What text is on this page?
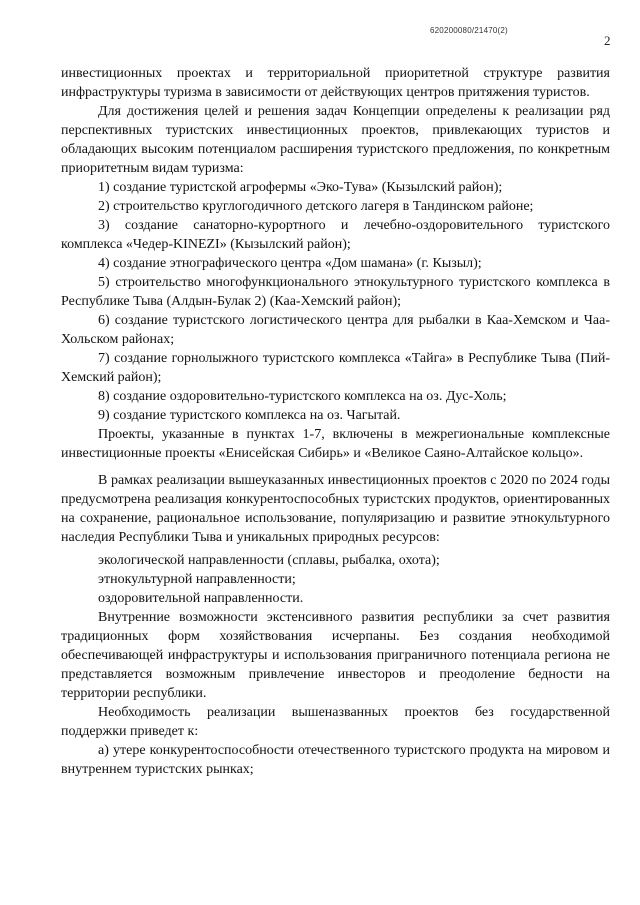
620200080/21470(2)
2

инвестиционных проектах и территориальной приоритетной структуре развития инфраструктуры туризма в зависимости от действующих центров притяжения туристов.

Для достижения целей и решения задач Концепции определены к реализации ряд перспективных туристских инвестиционных проектов, привлекающих туристов и обладающих высоким потенциалом расширения туристского предложения, по конкретным приоритетным видам туризма:

1) создание туристской агрофермы «Эко-Тува» (Кызылский район);

2) строительство круглогодичного детского лагеря в Тандинском районе;

3) создание санаторно-курортного и лечебно-оздоровительного туристского комплекса «Чедер-KINEZI» (Кызылский район);

4) создание этнографического центра «Дом шамана» (г. Кызыл);

5) строительство многофункционального этнокультурного туристского комплекса в Республике Тыва (Алдын-Булак 2) (Каа-Хемский район);

6) создание туристского логистического центра для рыбалки в Каа-Хемском и Чаа-Хольском районах;

7) создание горнолыжного туристского комплекса «Тайга» в Республике Тыва (Пий-Хемский район);

8) создание оздоровительно-туристского комплекса на оз. Дус-Холь;

9) создание туристского комплекса на оз. Чагытай.

Проекты, указанные в пунктах 1-7, включены в межрегиональные комплексные инвестиционные проекты «Енисейская Сибирь» и «Великое Саяно-Алтайское кольцо».

В рамках реализации вышеуказанных инвестиционных проектов с 2020 по 2024 годы предусмотрена реализация конкурентоспособных туристских продуктов, ориентированных на сохранение, рациональное использование, популяризацию и развитие этнокультурного наследия Республики Тыва и уникальных природных ресурсов:

экологической направленности (сплавы, рыбалка, охота);

этнокультурной направленности;

оздоровительной направленности.

Внутренние возможности экстенсивного развития республики за счет развития традиционных форм хозяйствования исчерпаны. Без создания необходимой обеспечивающей инфраструктуры и использования приграничного потенциала региона не представляется возможным привлечение инвесторов и преодоление бедности на территории республики.

Необходимость реализации вышеназванных проектов без государственной поддержки приведет к:

а) утере конкурентоспособности отечественного туристского продукта на мировом и внутреннем туристских рынках;
